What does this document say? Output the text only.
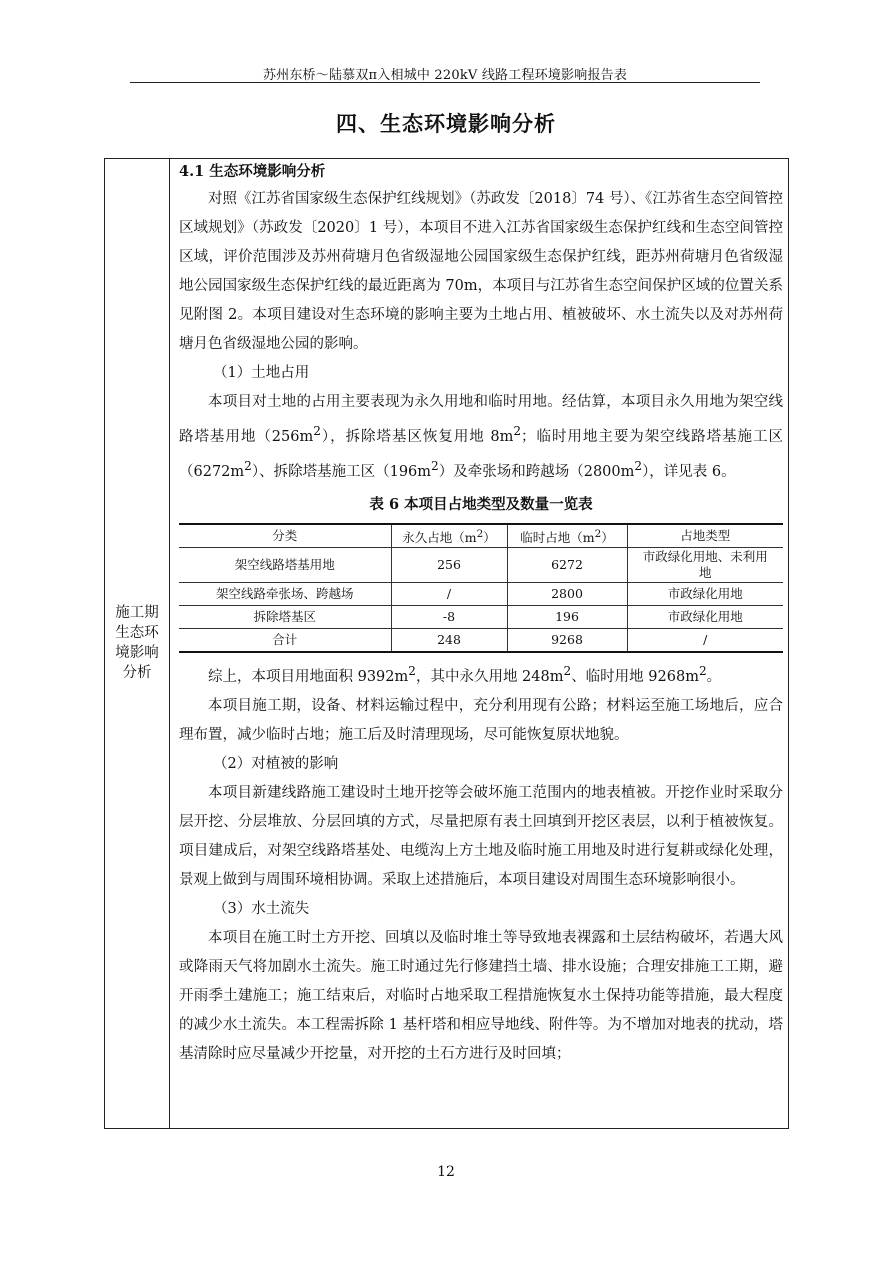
苏州东桥～陆慕双π入相城中 220kV 线路工程环境影响报告表
四、生态环境影响分析
施工期
生态环
境影响
分析

4.1 生态环境影响分析

对照《江苏省国家级生态保护红线规划》（苏政发〔2018〕74 号）、《江苏省生态空间管控区域规划》（苏政发〔2020〕1 号），本项目不进入江苏省国家级生态保护红线和生态空间管控区域，评价范围涉及苏州荷塘月色省级湿地公园国家级生态保护红线，距苏州荷塘月色省级湿地公园国家级生态保护红线的最近距离为 70m，本项目与江苏省生态空间保护区域的位置关系见附图 2。本项目建设对生态环境的影响主要为土地占用、植被破坏、水土流失以及对苏州荷塘月色省级湿地公园的影响。

（1）土地占用

本项目对土地的占用主要表现为永久用地和临时用地。经估算，本项目永久用地为架空线路塔基用地$(256m^2)$，拆除塔基区恢复用地 $8m^2$；临时用地主要为架空线路塔基施工区$(6272m^2)$、拆除塔基施工区$(196m^2)$及牵张场和跨越场$(2800m^2)$，详见表 6。

表 6 本项目占地类型及数量一览表

分类	永久占地$(m^2)$	临时占地$(m^2)$	占地类型
架空线路塔基用地	256	6272	市政绿化用地、未利用地
架空线路牵张场、跨越场	/	2800	市政绿化用地
拆除塔基区	-8	196	市政绿化用地
合计	248	9268	/

综上，本项目用地面积 $9392m^2$，其中永久用地 $248m^2$、临时用地 $9268m^2$。

本项目施工期，设备、材料运输过程中，充分利用现有公路；材料运至施工场地后，应合理布置，减少临时占地；施工后及时清理现场，尽可能恢复原状地貌。

（2）对植被的影响

本项目新建线路施工建设时土地开挖等会破坏施工范围内的地表植被。开挖作业时采取分层开挖、分层堆放、分层回填的方式，尽量把原有表土回填到开挖区表层，以利于植被恢复。项目建成后，对架空线路塔基处、电缆沟上方土地及临时施工用地及时进行复耕或绿化处理，景观上做到与周围环境相协调。采取上述措施后，本项目建设对周围生态环境影响很小。

（3）水土流失

本项目在施工时土方开挖、回填以及临时堆土等导致地表裸露和土层结构破坏，若遇大风或降雨天气将加剧水土流失。施工时通过先行修建挡土墙、排水设施；合理安排施工工期，避开雨季土建施工；施工结束后，对临时占地采取工程措施恢复水土保持功能等措施，最大程度的减少水土流失。本工程需拆除 1 基杆塔和相应导地线、附件等。为不增加对地表的扰动，塔基清除时应尽量减少开挖量，对开挖的土石方进行及时回填；

12
